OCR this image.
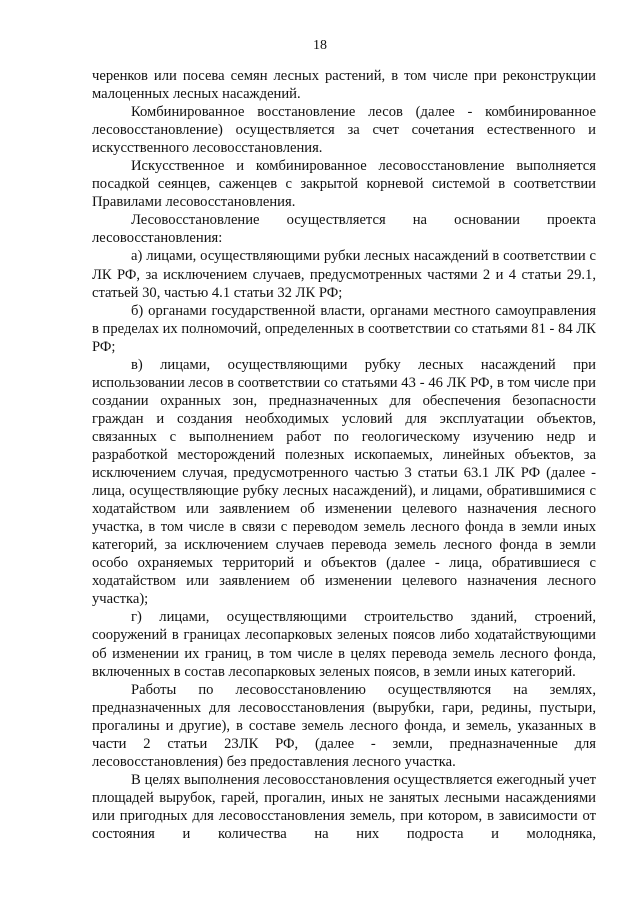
18

черенков или посева семян лесных растений, в том числе при реконструкции малоценных лесных насаждений.

Комбинированное восстановление лесов (далее - комбинированное лесовосстановление) осуществляется за счет сочетания естественного и искусственного лесовосстановления.

Искусственное и комбинированное лесовосстановление выполняется посадкой сеянцев, саженцев с закрытой корневой системой в соответствии Правилами лесовосстановления.

Лесовосстановление осуществляется на основании проекта лесовосстановления:

а) лицами, осуществляющими рубки лесных насаждений в соответствии с ЛК РФ, за исключением случаев, предусмотренных частями 2 и 4 статьи 29.1, статьей 30, частью 4.1 статьи 32 ЛК РФ;

б) органами государственной власти, органами местного самоуправления в пределах их полномочий, определенных в соответствии со статьями 81 - 84 ЛК РФ;

в) лицами, осуществляющими рубку лесных насаждений при использовании лесов в соответствии со статьями 43 - 46 ЛК РФ, в том числе при создании охранных зон, предназначенных для обеспечения безопасности граждан и создания необходимых условий для эксплуатации объектов, связанных с выполнением работ по геологическому изучению недр и разработкой месторождений полезных ископаемых, линейных объектов, за исключением случая, предусмотренного частью 3 статьи 63.1 ЛК РФ (далее - лица, осуществляющие рубку лесных насаждений), и лицами, обратившимися с ходатайством или заявлением об изменении целевого назначения лесного участка, в том числе в связи с переводом земель лесного фонда в земли иных категорий, за исключением случаев перевода земель лесного фонда в земли особо охраняемых территорий и объектов (далее - лица, обратившиеся с ходатайством или заявлением об изменении целевого назначения лесного участка);

г) лицами, осуществляющими строительство зданий, строений, сооружений в границах лесопарковых зеленых поясов либо ходатайствующими об изменении их границ, в том числе в целях перевода земель лесного фонда, включенных в состав лесопарковых зеленых поясов, в земли иных категорий.

Работы по лесовосстановлению осуществляются на землях, предназначенных для лесовосстановления (вырубки, гари, редины, пустыри, прогалины и другие), в составе земель лесного фонда, и земель, указанных в части 2 статьи 23ЛК РФ, (далее - земли, предназначенные для лесовосстановления) без предоставления лесного участка.

В целях выполнения лесовосстановления осуществляется ежегодный учет площадей вырубок, гарей, прогалин, иных не занятых лесными насаждениями или пригодных для лесовосстановления земель, при котором, в зависимости от состояния и количества на них подроста и молодняка,
